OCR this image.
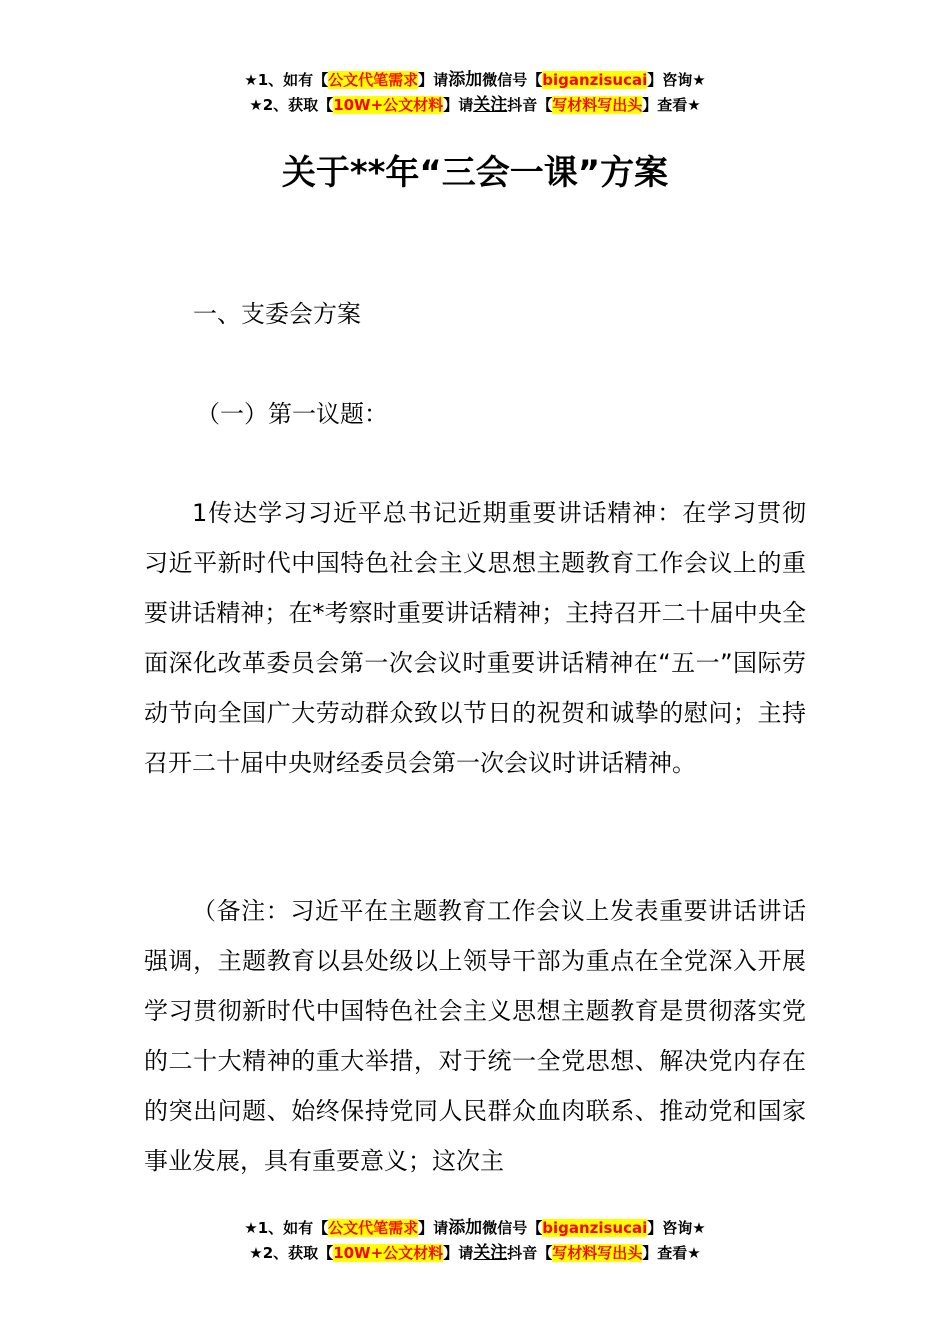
★1、如有【公文代笔需求】请添加微信号【biganzisucai】咨询★
★2、获取【10W+公文材料】请关注抖音【写材料写出头】查看★
关于**年“三会一课”方案
一、支委会方案
（一）第一议题：
1传达学习习近平总书记近期重要讲话精神：在学习贯彻习近平新时代中国特色社会主义思想主题教育工作会议上的重要讲话精神；在*考察时重要讲话精神；主持召开二十届中央全面深化改革委员会第一次会议时重要讲话精神在“五一”国际劳动节向全国广大劳动群众致以节日的祝贺和诚挚的慰问；主持召开二十届中央财经委员会第一次会议时讲话精神。
（备注：习近平在主题教育工作会议上发表重要讲话讲话强调，主题教育以县处级以上领导干部为重点在全党深入开展学习贯彻新时代中国特色社会主义思想主题教育是贯彻落实党的二十大精神的重大举措，对于统一全党思想、解决党内存在的突出问题、始终保持党同人民群众血肉联系、推动党和国家事业发展，具有重要意义；这次主
★1、如有【公文代笔需求】请添加微信号【biganzisucai】咨询★
★2、获取【10W+公文材料】请关注抖音【写材料写出头】查看★
